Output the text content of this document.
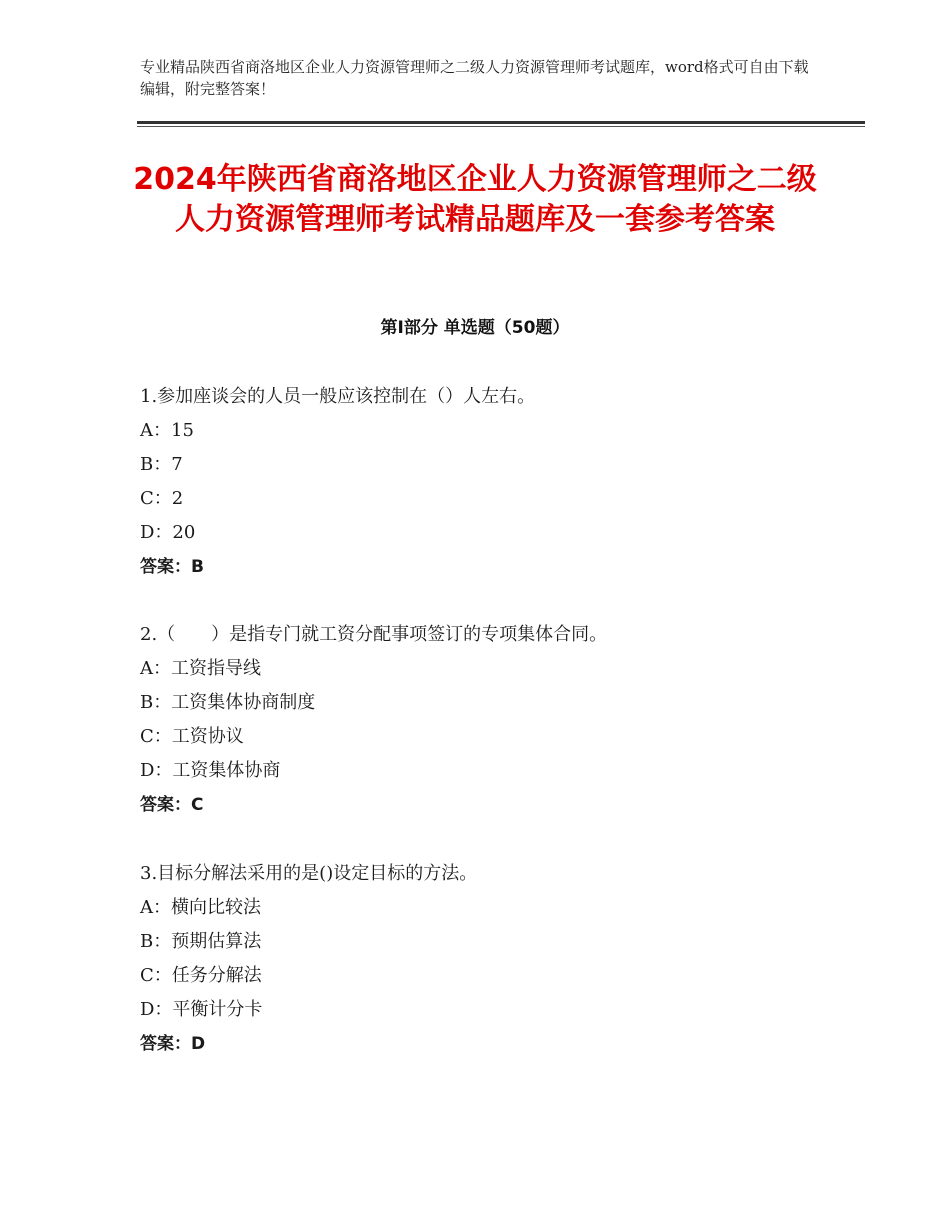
专业精品陕西省商洛地区企业人力资源管理师之二级人力资源管理师考试题库，word格式可自由下载编辑，附完整答案！
2024年陕西省商洛地区企业人力资源管理师之二级人力资源管理师考试精品题库及一套参考答案
第Ⅰ部分 单选题（50题）
1.参加座谈会的人员一般应该控制在（）人左右。
A：15
B：7
C：2
D：20
答案：B
2.（　　）是指专门就工资分配事项签订的专项集体合同。
A：工资指导线
B：工资集体协商制度
C：工资协议
D：工资集体协商
答案：C
3.目标分解法采用的是()设定目标的方法。
A：横向比较法
B：预期估算法
C：任务分解法
D：平衡计分卡
答案：D
